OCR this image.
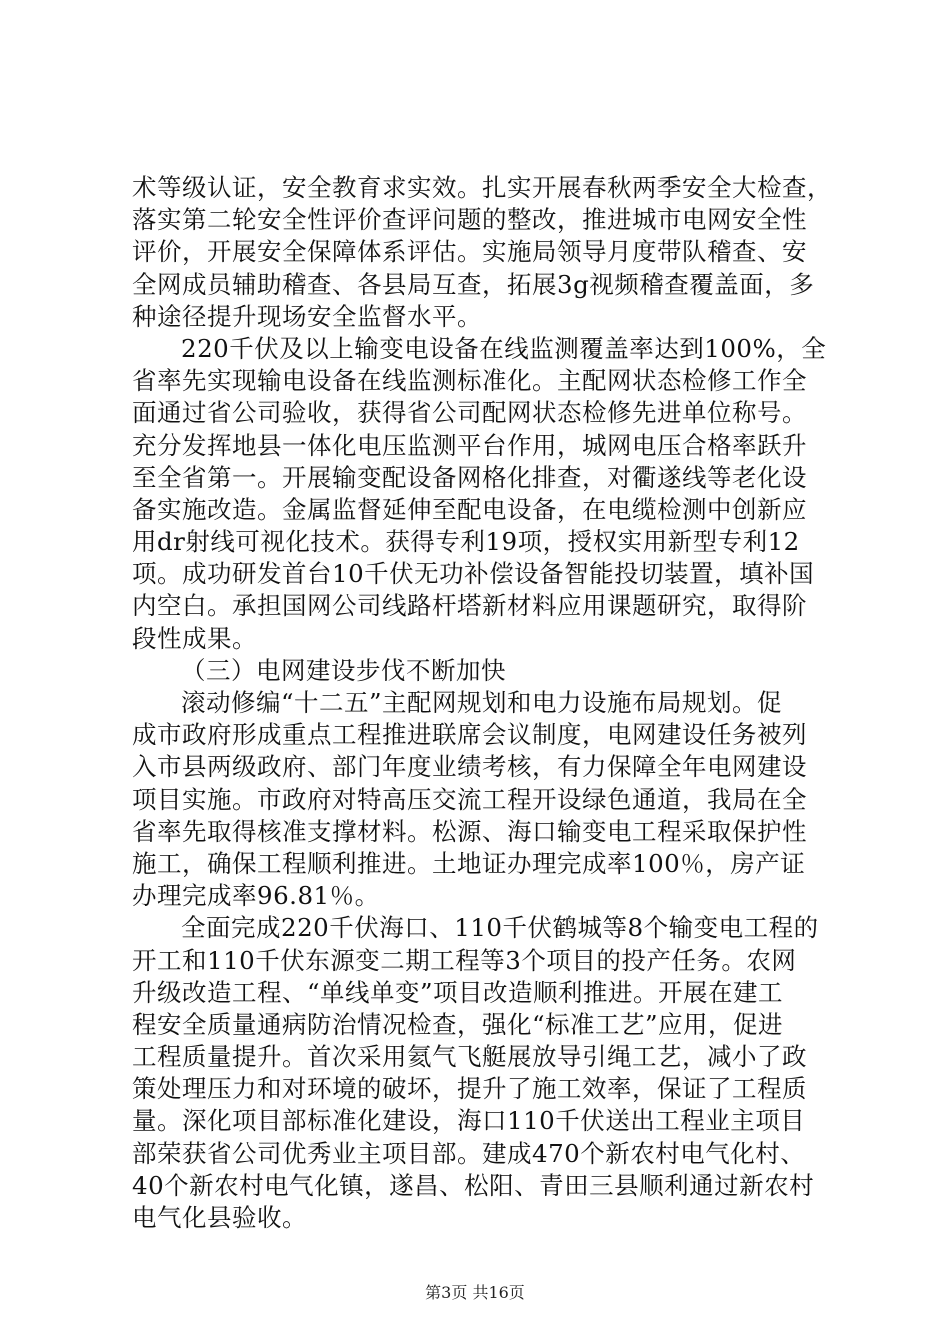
术等级认证，安全教育求实效。扎实开展春秋两季安全大检查，
落实第二轮安全性评价查评问题的整改，推进城市电网安全性
评价，开展安全保障体系评估。实施局领导月度带队稽查、安
全网成员辅助稽查、各县局互查，拓展3g视频稽查覆盖面，多
种途径提升现场安全监督水平。
220千伏及以上输变电设备在线监测覆盖率达到100%，全
省率先实现输电设备在线监测标准化。主配网状态检修工作全
面通过省公司验收，获得省公司配网状态检修先进单位称号。
充分发挥地县一体化电压监测平台作用，城网电压合格率跃升
至全省第一。开展输变配设备网格化排查，对衢遂线等老化设
备实施改造。金属监督延伸至配电设备，在电缆检测中创新应
用dr射线可视化技术。获得专利19项，授权实用新型专利12
项。成功研发首台10千伏无功补偿设备智能投切装置，填补国
内空白。承担国网公司线路杆塔新材料应用课题研究，取得阶
段性成果。
（三）电网建设步伐不断加快
滚动修编“十二五”主配网规划和电力设施布局规划。促
成市政府形成重点工程推进联席会议制度，电网建设任务被列
入市县两级政府、部门年度业绩考核，有力保障全年电网建设
项目实施。市政府对特高压交流工程开设绿色通道，我局在全
省率先取得核准支撑材料。松源、海口输变电工程采取保护性
施工，确保工程顺利推进。土地证办理完成率100％，房产证
办理完成率96.81％。
全面完成220千伏海口、110千伏鹤城等8个输变电工程的
开工和110千伏东源变二期工程等3个项目的投产任务。农网
升级改造工程、“单线单变”项目改造顺利推进。开展在建工
程安全质量通病防治情况检查，强化“标准工艺”应用，促进
工程质量提升。首次采用氦气飞艇展放导引绳工艺，减小了政
策处理压力和对环境的破坏，提升了施工效率，保证了工程质
量。深化项目部标准化建设，海口110千伏送出工程业主项目
部荣获省公司优秀业主项目部。建成470个新农村电气化村、
40个新农村电气化镇，遂昌、松阳、青田三县顺利通过新农村
电气化县验收。
第3页 共16页
